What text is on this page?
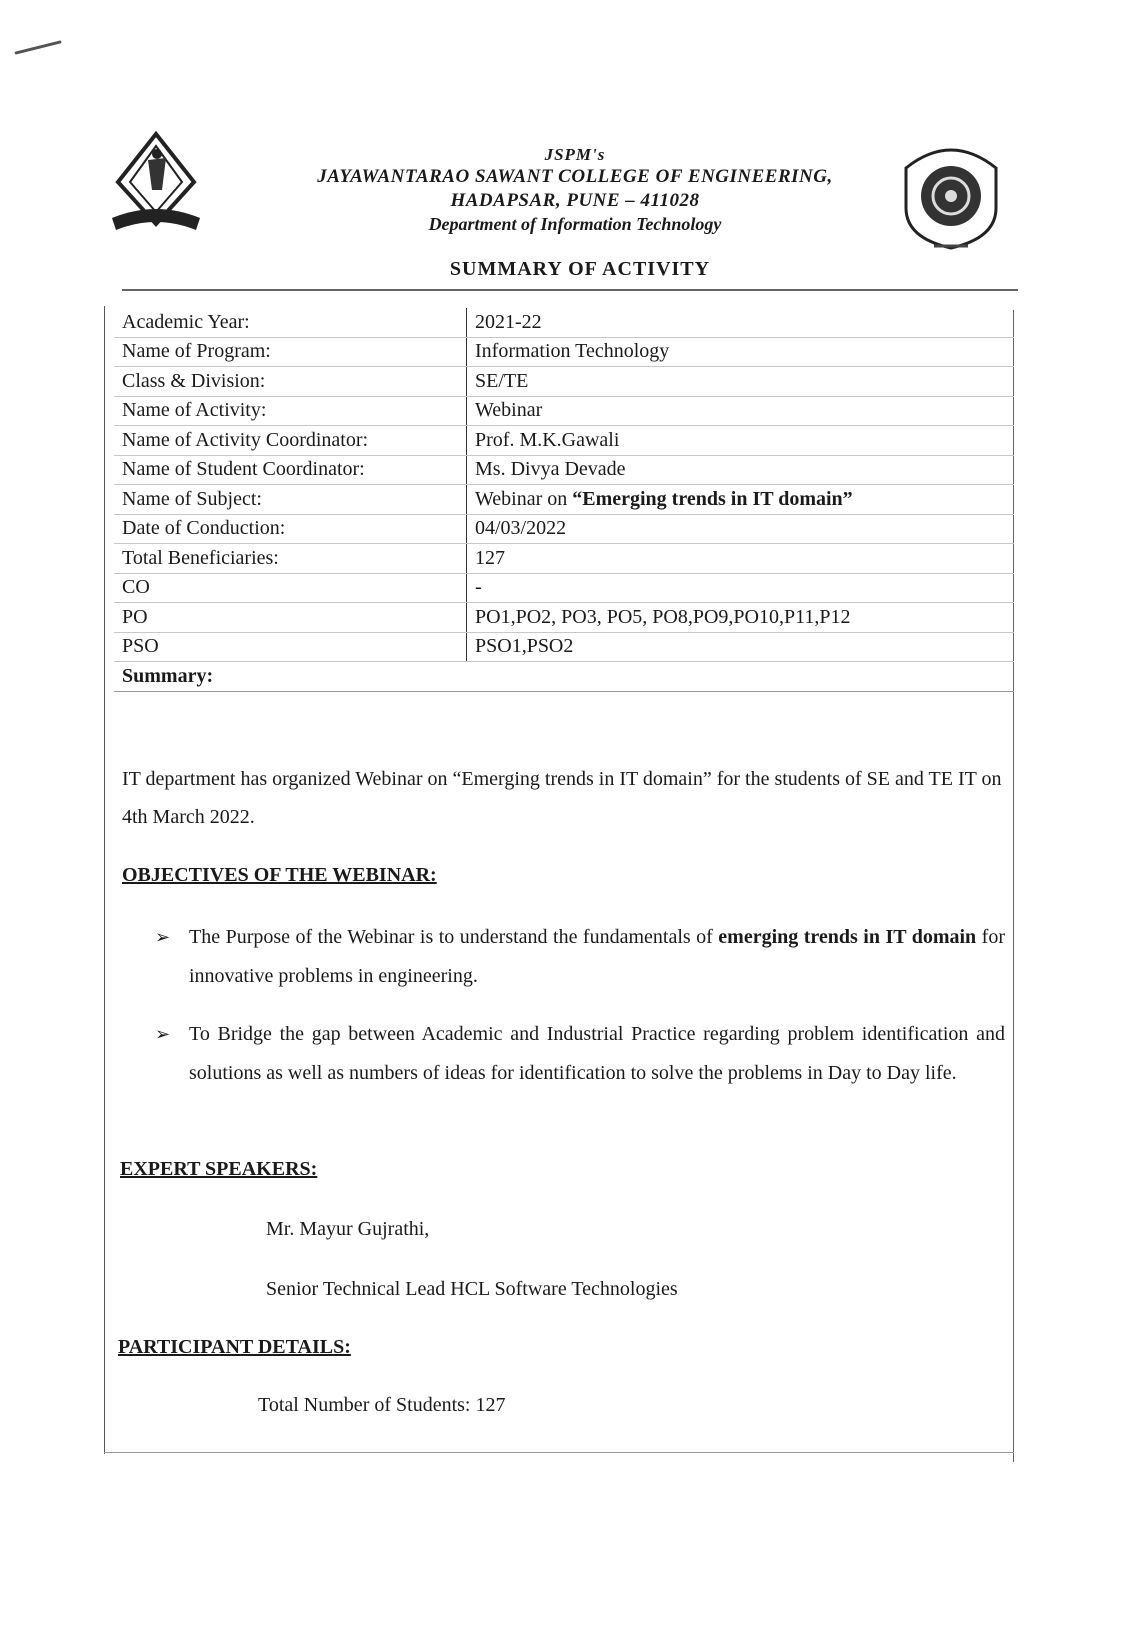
JSPM's
JAYAWANTARAO SAWANT COLLEGE OF ENGINEERING,
HADAPSAR, PUNE – 411028
Department of Information Technology
SUMMARY OF ACTIVITY
Academic Year:	2021-22
Name of Program:	Information Technology
Class & Division:	SE/TE
Name of Activity:	Webinar
Name of Activity Coordinator:	Prof. M.K.Gawali
Name of Student Coordinator:	Ms. Divya Devade
Name of Subject:	Webinar on “Emerging trends in IT domain”
Date of Conduction:	04/03/2022
Total Beneficiaries:	127
CO	-
PO	PO1,PO2, PO3, PO5, PO8,PO9,PO10,P11,P12
PSO	PSO1,PSO2
Summary:	
IT department has organized Webinar on “Emerging trends in IT domain” for the students of SE and TE IT on 4th March 2022.
OBJECTIVES OF THE WEBINAR:
➢ The Purpose of the Webinar is to understand the fundamentals of emerging trends in IT domain for innovative problems in engineering.
➢ To Bridge the gap between Academic and Industrial Practice regarding problem identification and solutions as well as numbers of ideas for identification to solve the problems in Day to Day life.
EXPERT SPEAKERS:
Mr. Mayur Gujrathi,
Senior Technical Lead HCL Software Technologies
PARTICIPANT DETAILS:
Total Number of Students: 127
